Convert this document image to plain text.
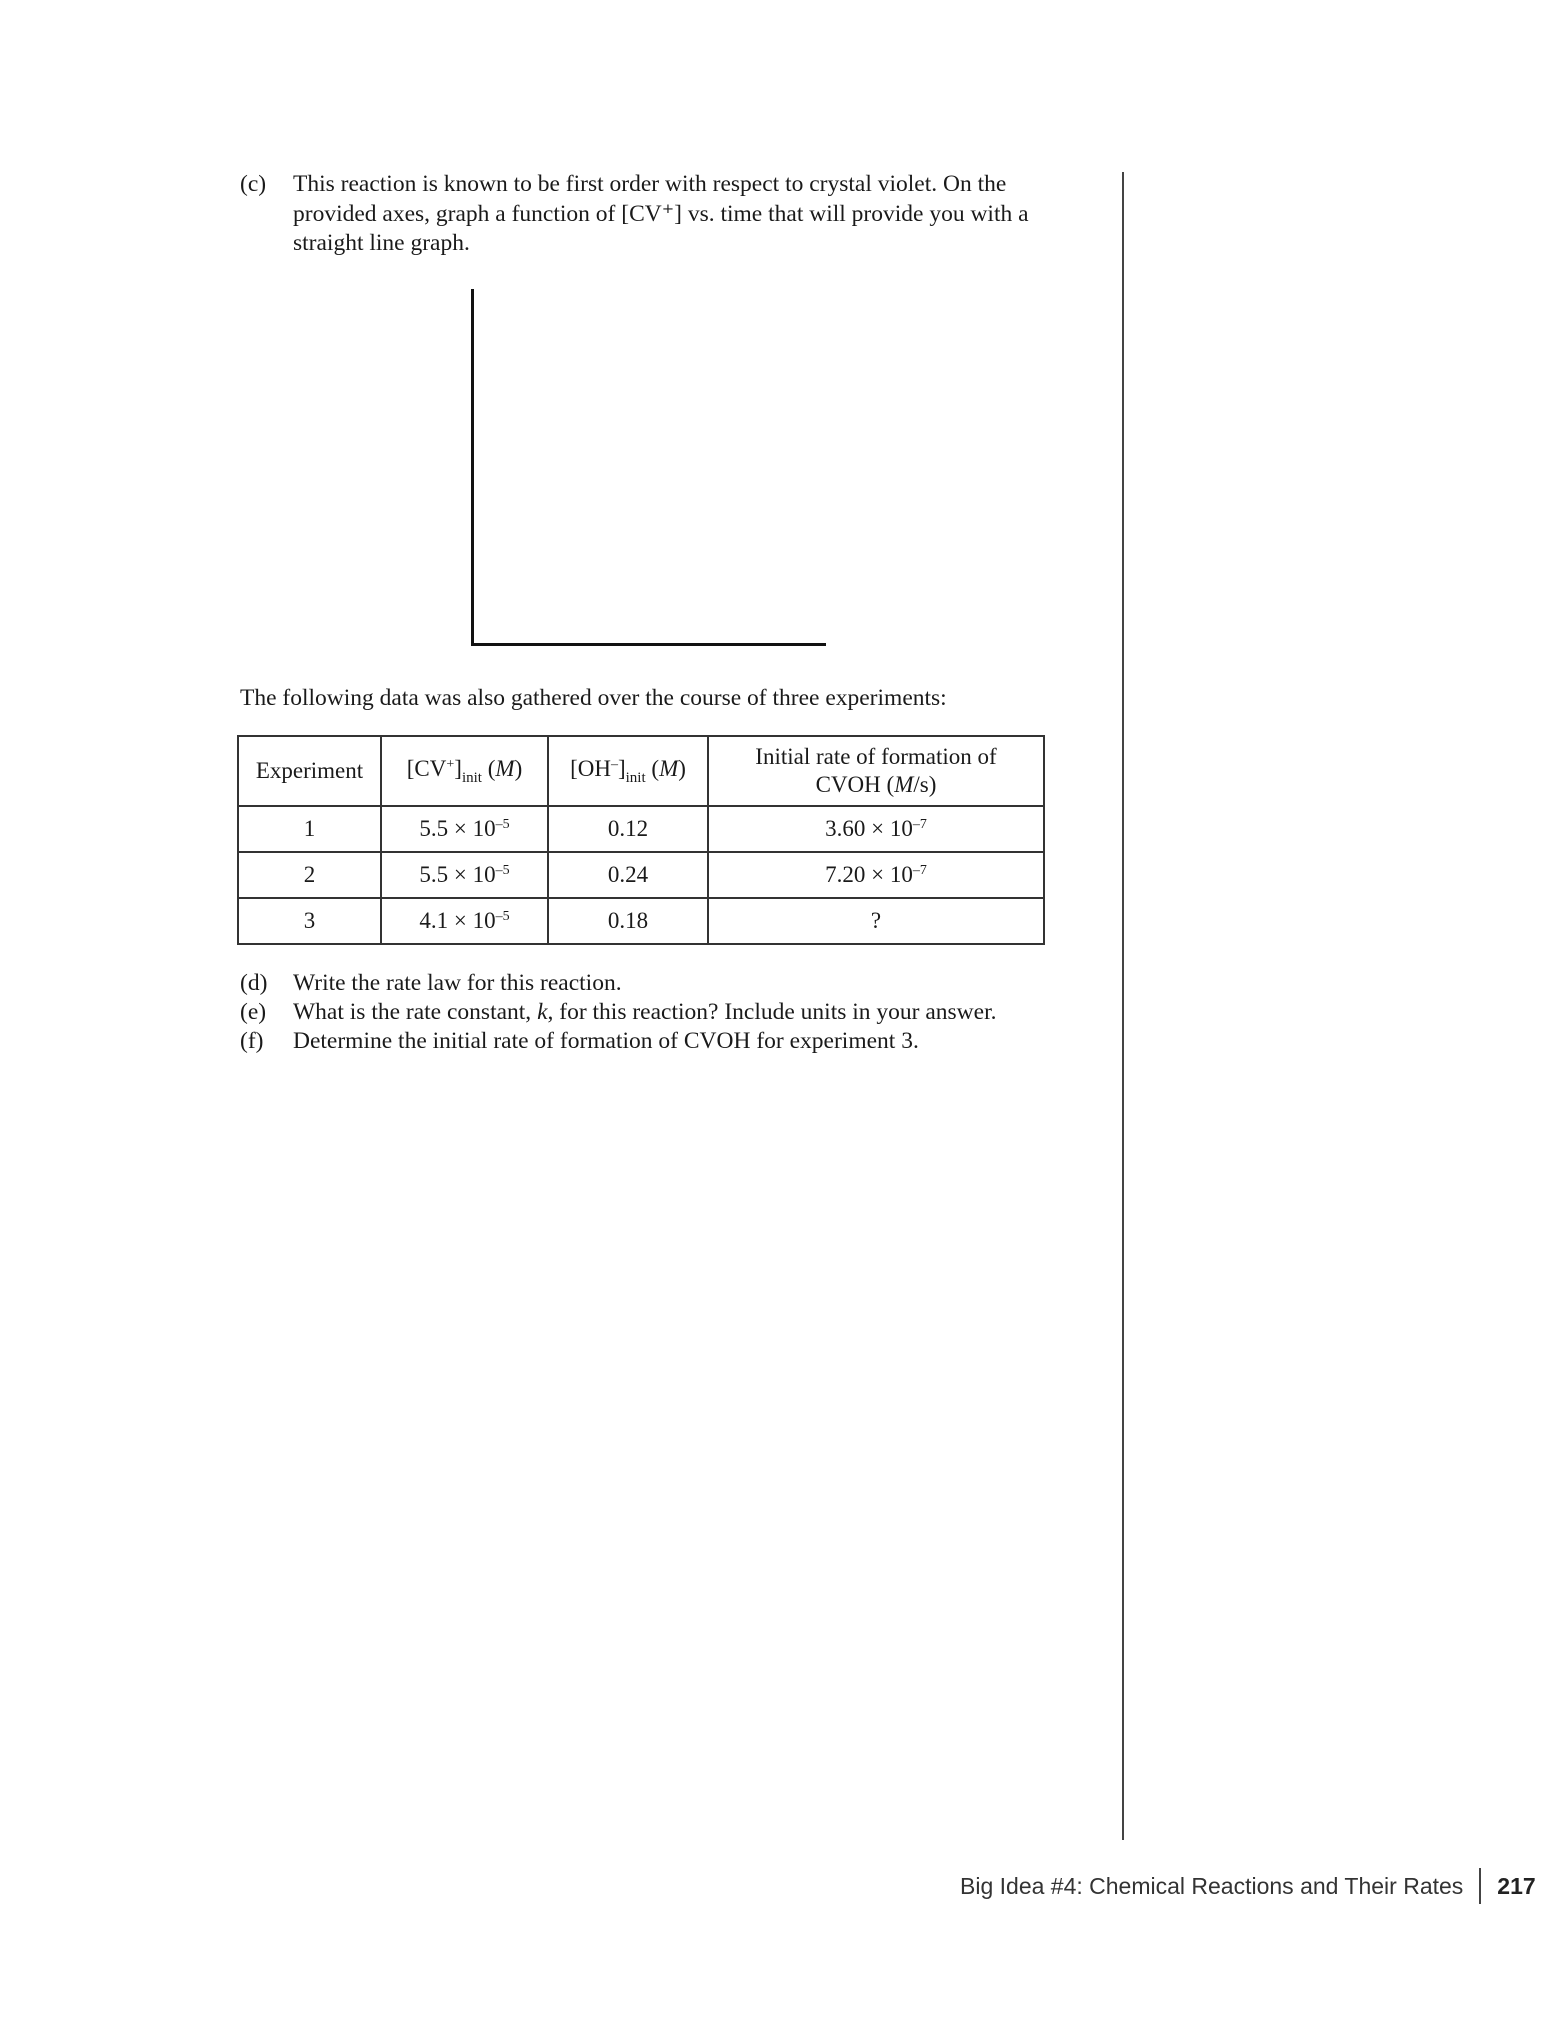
(c) This reaction is known to be first order with respect to crystal violet. On the provided axes, graph a function of [CV⁺] vs. time that will provide you with a straight line graph.
The following data was also gathered over the course of three experiments:
Experiment	$[CV^+]_{init}$ (M)	$[OH^-]_{init}$ (M)	Initial rate of formation of
CVOH (M/s)
1	$5.5 \times 10^{-5}$	0.12	$3.60 \times 10^{-7}$
2	$5.5 \times 10^{-5}$	0.24	$7.20 \times 10^{-7}$
3	$4.1 \times 10^{-5}$	0.18	?
(d) Write the rate law for this reaction.
(e) What is the rate constant, k, for this reaction? Include units in your answer.
(f) Determine the initial rate of formation of CVOH for experiment 3.
Big Idea #4: Chemical Reactions and Their Rates 217
